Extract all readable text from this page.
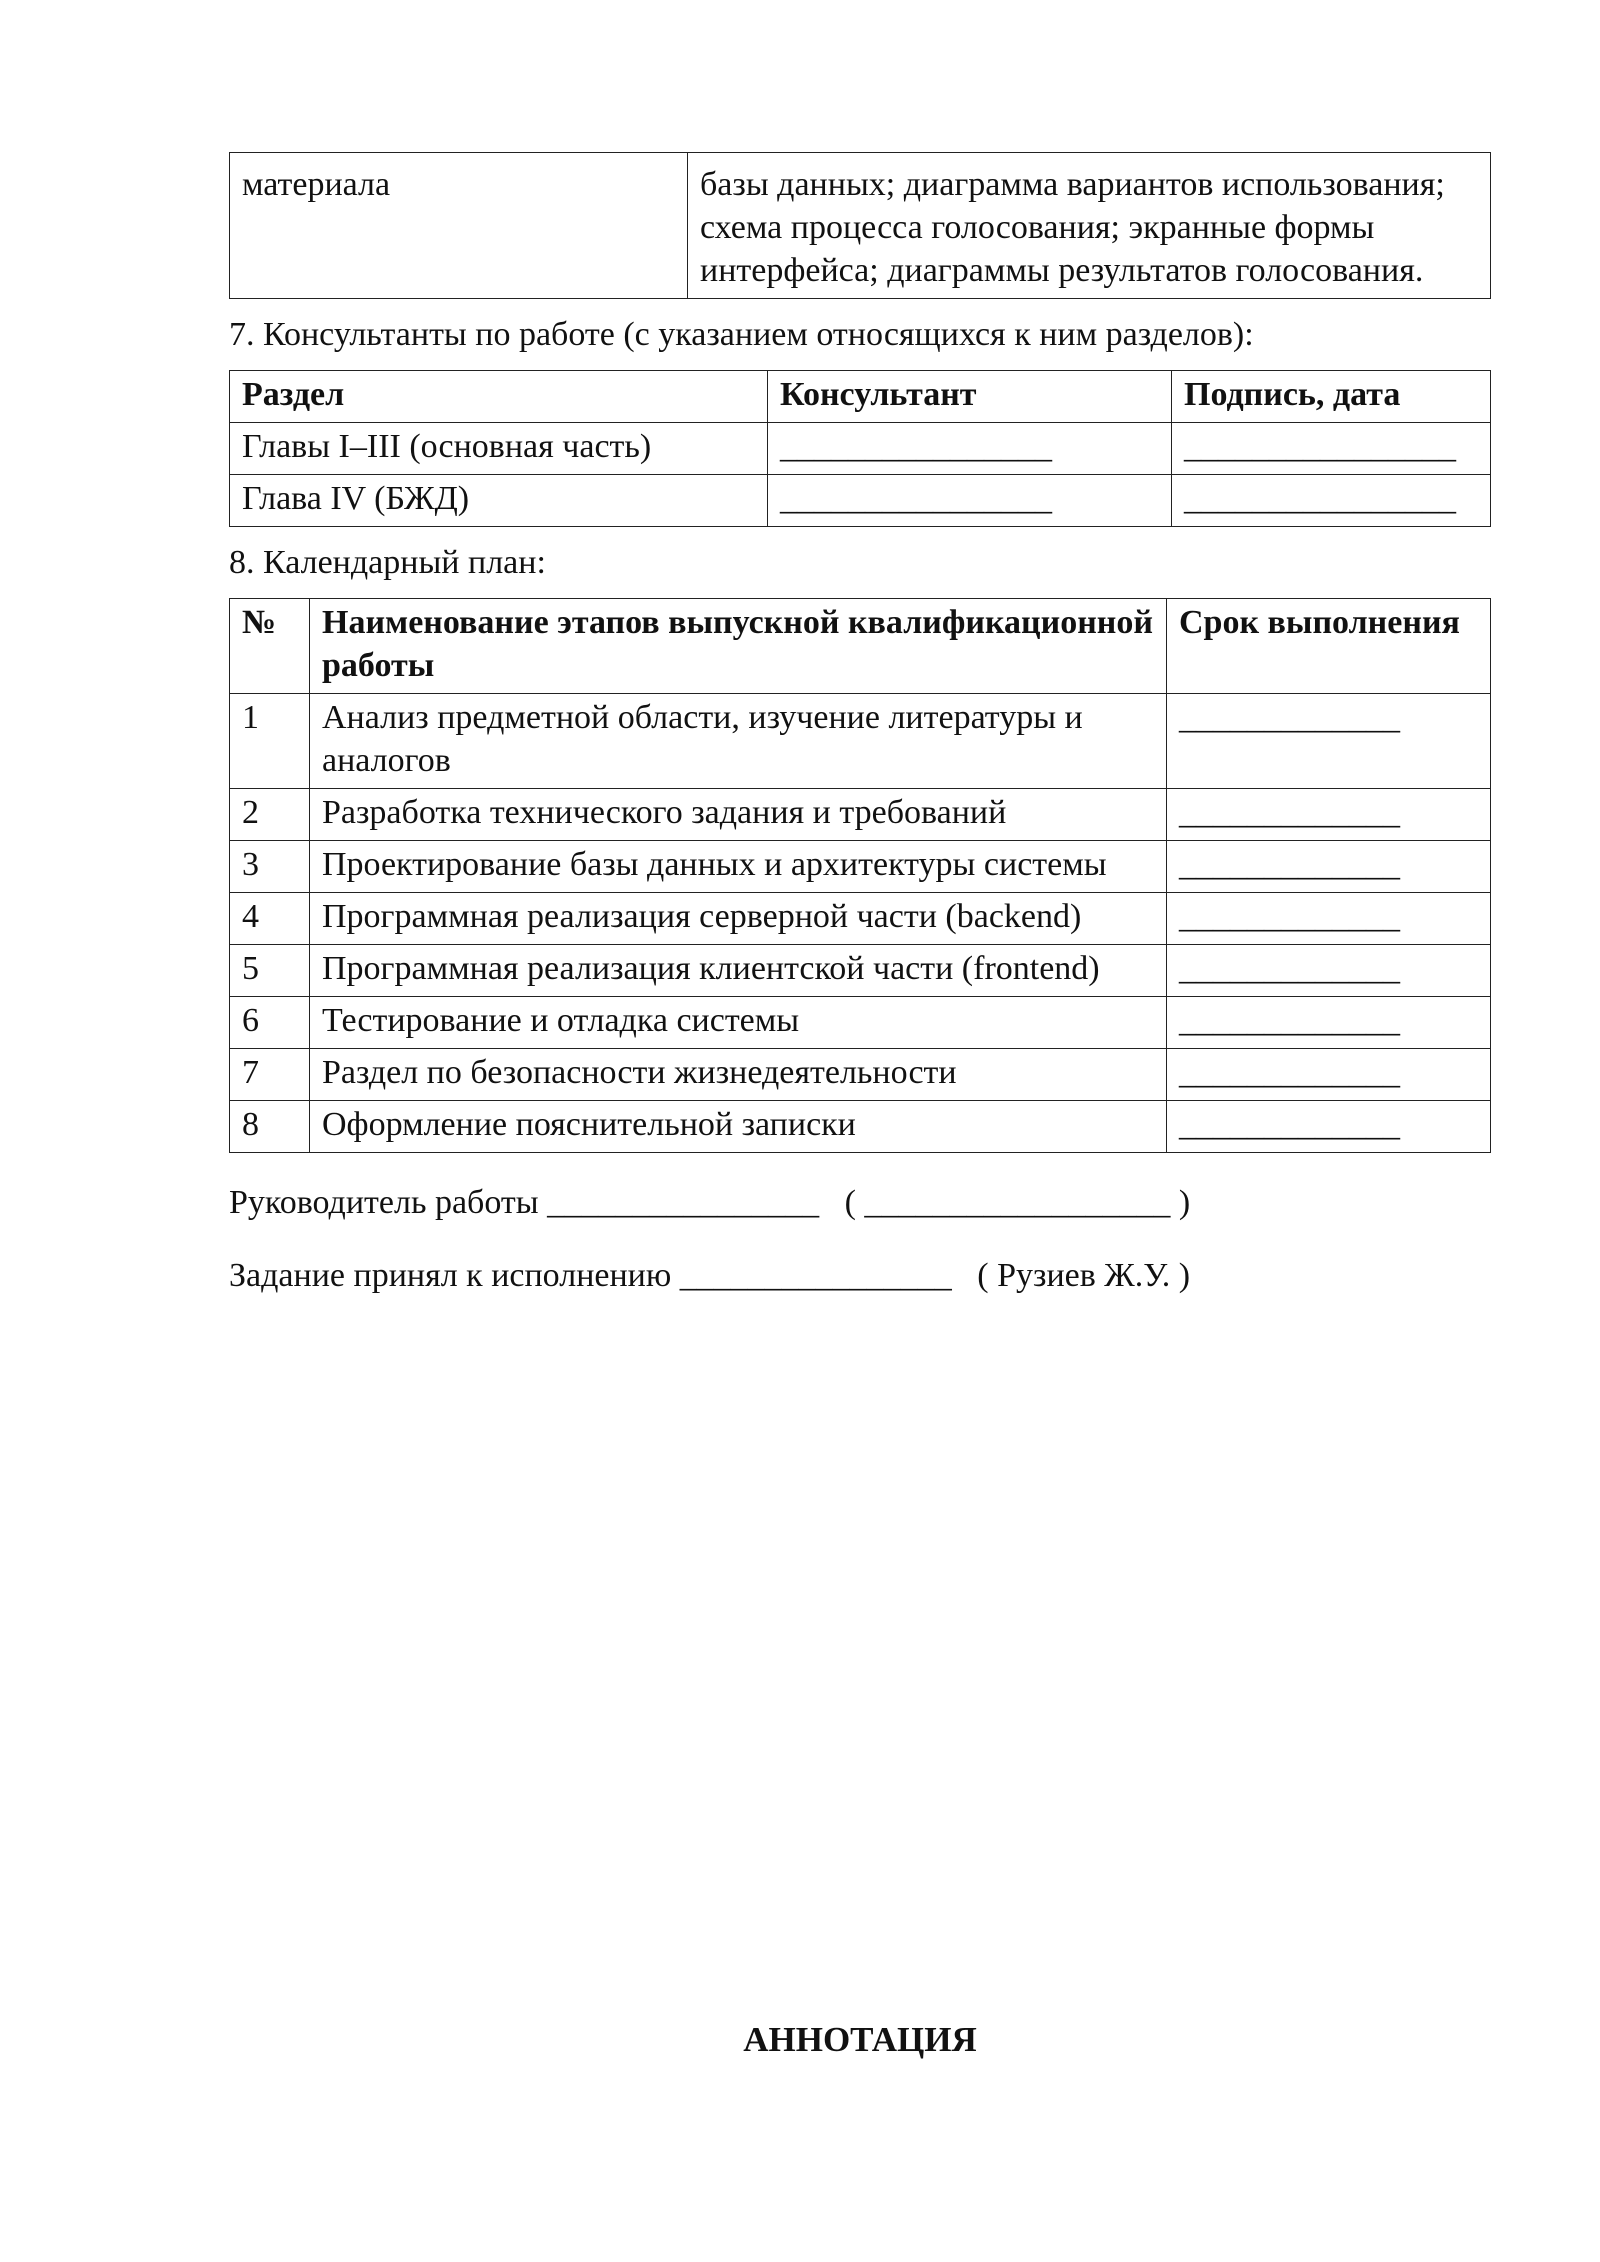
материала	базы данных; диаграмма вариантов использования; схема процесса голосования; экранные формы интерфейса; диаграммы результатов голосования.

7. Консультанты по работе (с указанием относящихся к ним разделов):

Раздел	Консультант	Подпись, дата
Главы I–III (основная часть)	________________	________________
Глава IV (БЖД)	________________	________________

8. Календарный план:

№	Наименование этапов выпускной квалификационной работы	Срок выполнения
1	Анализ предметной области, изучение литературы и аналогов	_____________
2	Разработка технического задания и требований	_____________
3	Проектирование базы данных и архитектуры системы	_____________
4	Программная реализация серверной части (backend)	_____________
5	Программная реализация клиентской части (frontend)	_____________
6	Тестирование и отладка системы	_____________
7	Раздел по безопасности жизнедеятельности	_____________
8	Оформление пояснительной записки	_____________

Руководитель работы ________________ ( __________________ )

Задание принял к исполнению ________________ ( Рузиев Ж.У. )

АННОТАЦИЯ
